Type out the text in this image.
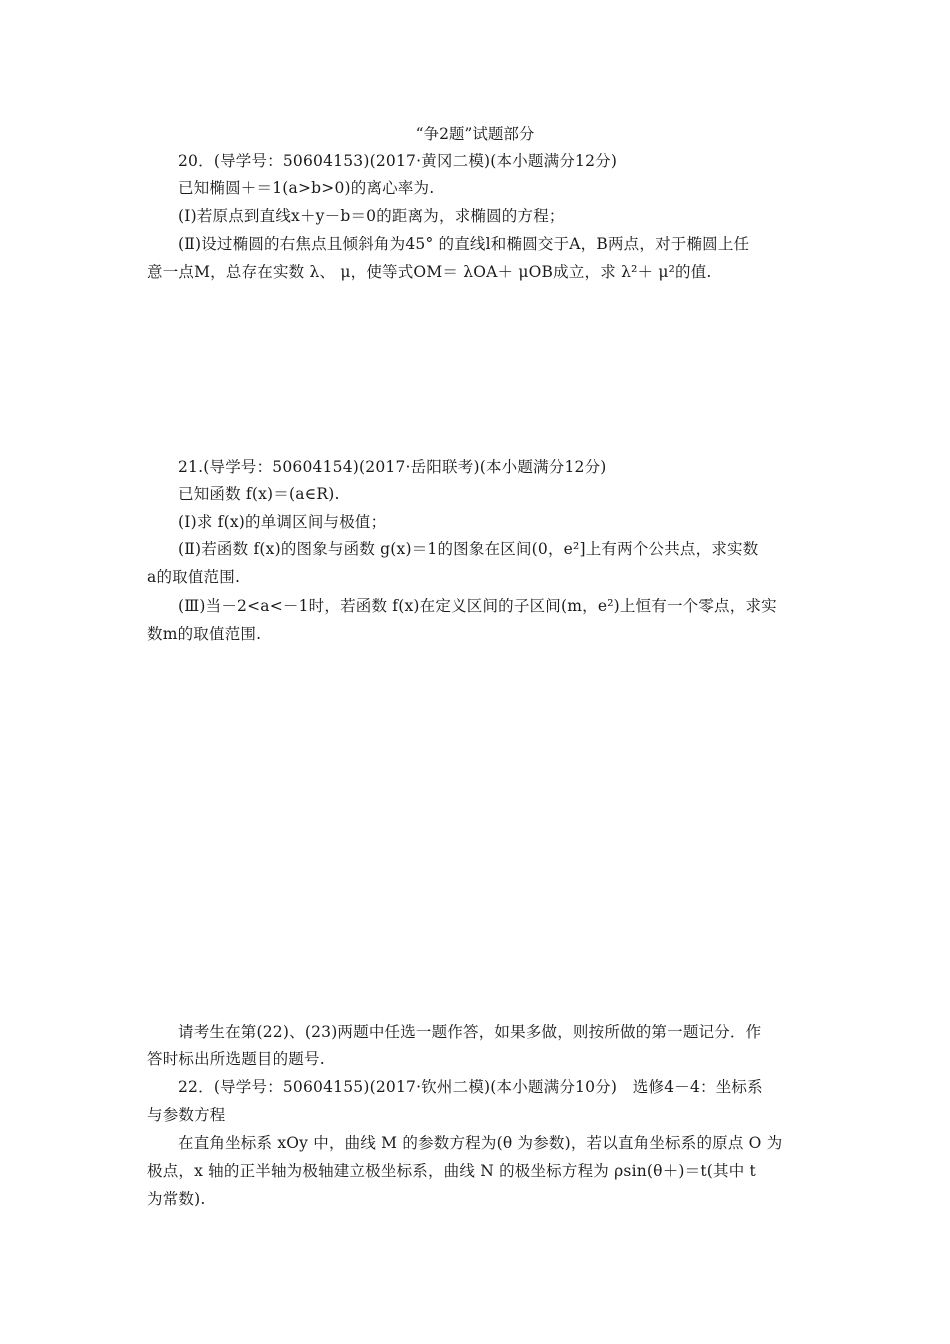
“争2题”试题部分
20．(导学号：50604153)(2017·黄冈二模)(本小题满分12分)
已知椭圆＋＝1(a>b>0)的离心率为.
(Ⅰ)若原点到直线x＋y－b＝0的距离为，求椭圆的方程；
(Ⅱ)设过椭圆的右焦点且倾斜角为45° 的直线l和椭圆交于A，B两点，对于椭圆上任
意一点M，总存在实数 λ、 μ，使等式OM＝ λOA＋ μOB成立，求 λ²＋ μ²的值.
21.(导学号：50604154)(2017·岳阳联考)(本小题满分12分)
已知函数 f(x)＝(a∈R).
(Ⅰ)求 f(x)的单调区间与极值；
(Ⅱ)若函数 f(x)的图象与函数 g(x)＝1的图象在区间(0，e²]上有两个公共点，求实数
a的取值范围.
(Ⅲ)当－2<a<－1时，若函数 f(x)在定义区间的子区间(m，e²)上恒有一个零点，求实
数m的取值范围.
请考生在第(22)、(23)两题中任选一题作答，如果多做，则按所做的第一题记分．作
答时标出所选题目的题号.
22．(导学号：50604155)(2017·钦州二模)(本小题满分10分)　选修4－4：坐标系
与参数方程
在直角坐标系 xOy 中，曲线 M 的参数方程为(θ 为参数)，若以直角坐标系的原点 O 为
极点，x 轴的正半轴为极轴建立极坐标系，曲线 N 的极坐标方程为 ρsin(θ＋)＝t(其中 t
为常数).
